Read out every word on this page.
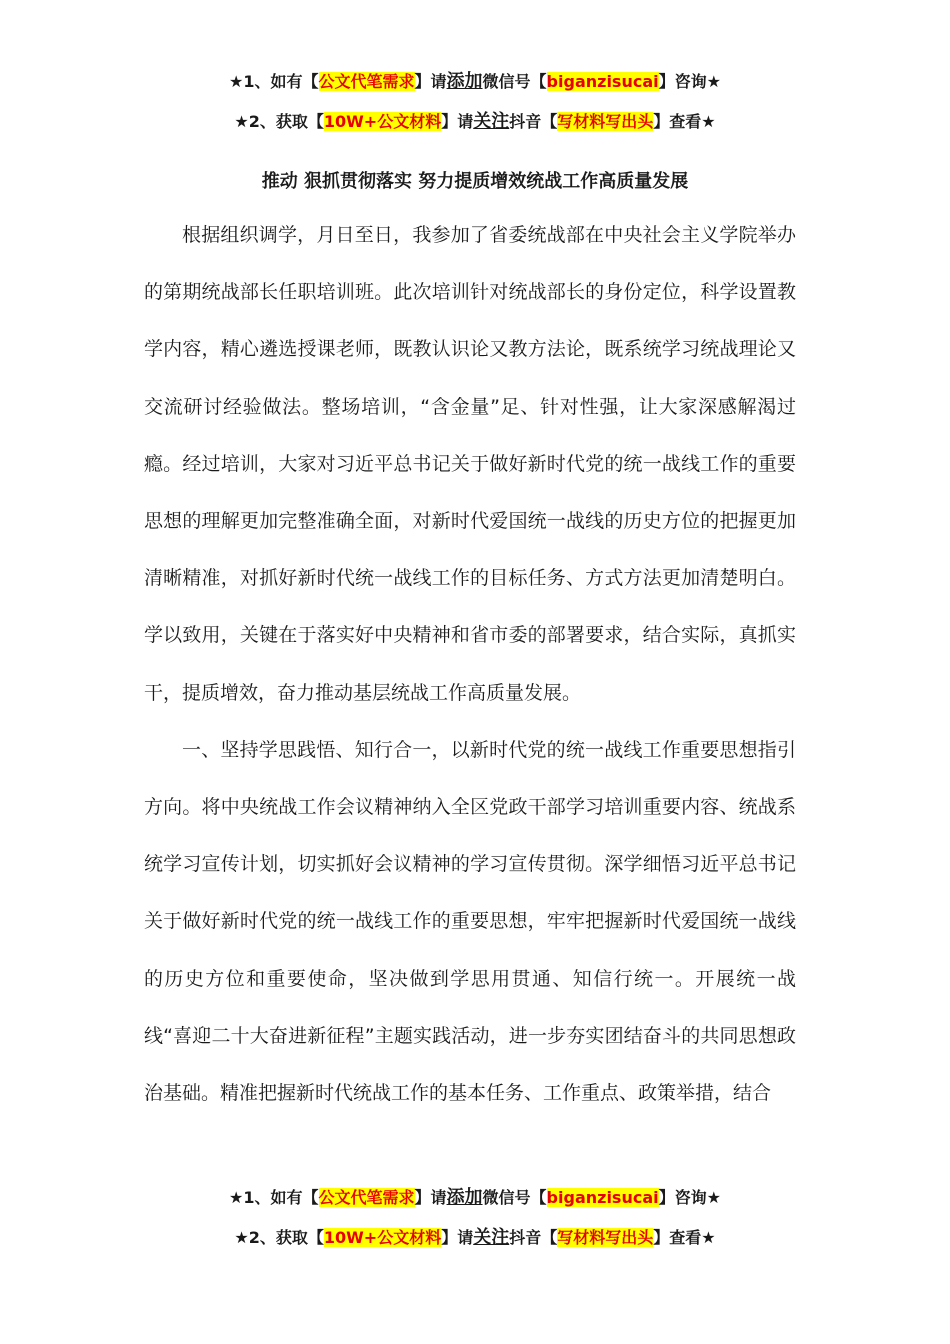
★1、如有【公文代笔需求】请添加微信号【biganzisucai】咨询★
★2、获取【10W+公文材料】请关注抖音【写材料写出头】查看★
推动 狠抓贯彻落实 努力提质增效统战工作高质量发展

根据组织调学，月日至日，我参加了省委统战部在中央社会主义学院举办的第期统战部长任职培训班。此次培训针对统战部长的身份定位，科学设置教学内容，精心遴选授课老师，既教认识论又教方法论，既系统学习统战理论又交流研讨经验做法。整场培训，“含金量”足、针对性强，让大家深感解渴过瘾。经过培训，大家对习近平总书记关于做好新时代党的统一战线工作的重要思想的理解更加完整准确全面，对新时代爱国统一战线的历史方位的把握更加清晰精准，对抓好新时代统一战线工作的目标任务、方式方法更加清楚明白。学以致用，关键在于落实好中央精神和省市委的部署要求，结合实际，真抓实干，提质增效，奋力推动基层统战工作高质量发展。

一、坚持学思践悟、知行合一，以新时代党的统一战线工作重要思想指引方向。将中央统战工作会议精神纳入全区党政干部学习培训重要内容、统战系统学习宣传计划，切实抓好会议精神的学习宣传贯彻。深学细悟习近平总书记关于做好新时代党的统一战线工作的重要思想，牢牢把握新时代爱国统一战线的历史方位和重要使命，坚决做到学思用贯通、知信行统一。开展统一战线“喜迎二十大奋进新征程”主题实践活动，进一步夯实团结奋斗的共同思想政治基础。精准把握新时代统战工作的基本任务、工作重点、政策举措，结合

★1、如有【公文代笔需求】请添加微信号【biganzisucai】咨询★
★2、获取【10W+公文材料】请关注抖音【写材料写出头】查看★
